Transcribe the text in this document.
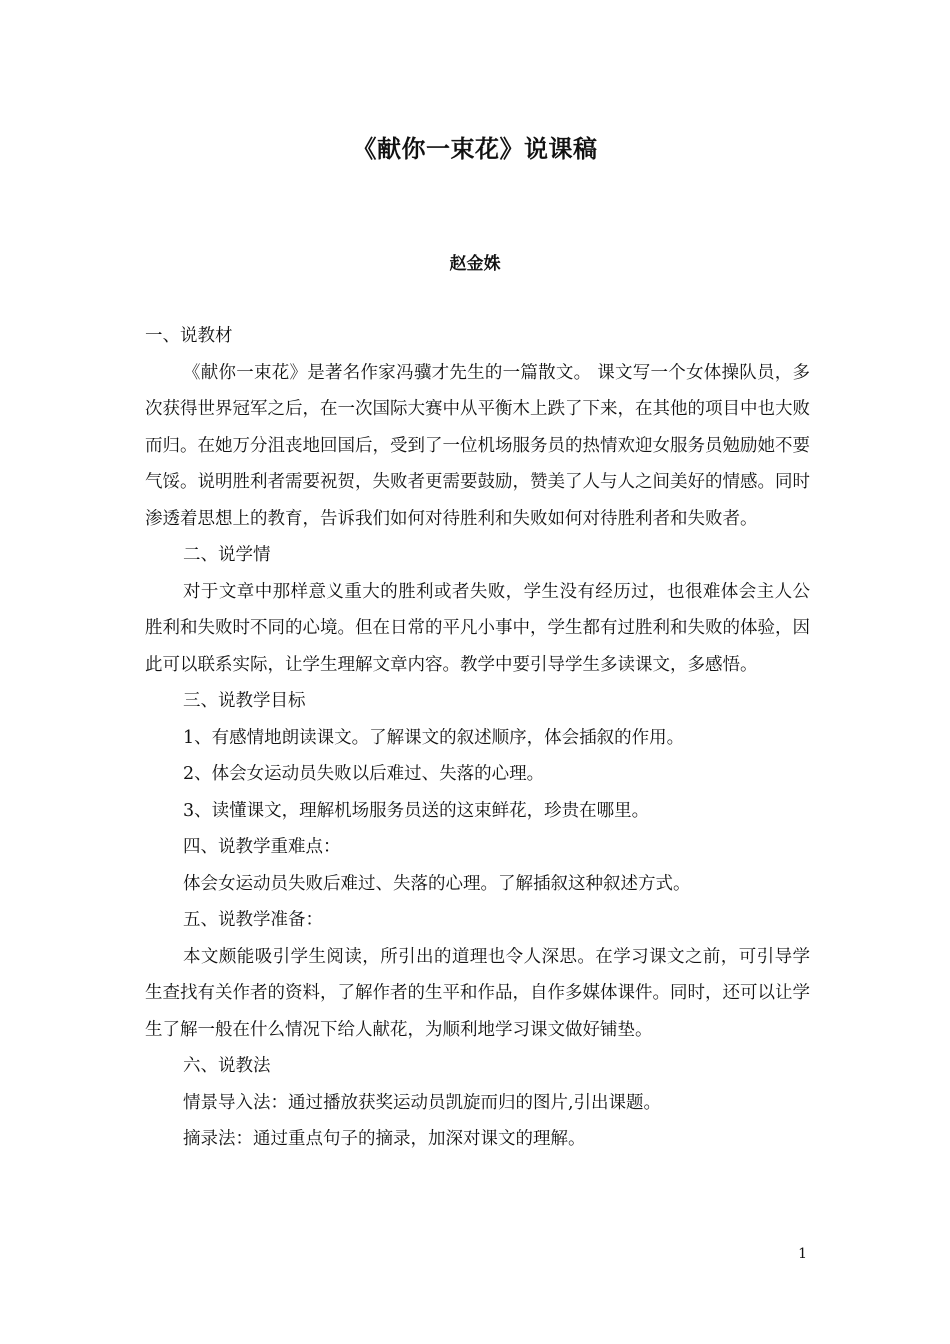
《献你一束花》说课稿
赵金姝

一、说教材

《献你一束花》是著名作家冯骥才先生的一篇散文。 课文写一个女体操队员，多次获得世界冠军之后，在一次国际大赛中从平衡木上跌了下来，在其他的项目中也大败而归。在她万分沮丧地回国后，受到了一位机场服务员的热情欢迎女服务员勉励她不要气馁。说明胜利者需要祝贺，失败者更需要鼓励，赞美了人与人之间美好的情感。同时渗透着思想上的教育，告诉我们如何对待胜利和失败如何对待胜利者和失败者。

二、说学情

对于文章中那样意义重大的胜利或者失败，学生没有经历过，也很难体会主人公胜利和失败时不同的心境。但在日常的平凡小事中，学生都有过胜利和失败的体验，因此可以联系实际，让学生理解文章内容。教学中要引导学生多读课文，多感悟。

三、说教学目标

1、有感情地朗读课文。了解课文的叙述顺序，体会插叙的作用。

2、体会女运动员失败以后难过、失落的心理。

3、读懂课文，理解机场服务员送的这束鲜花，珍贵在哪里。

四、说教学重难点：

体会女运动员失败后难过、失落的心理。了解插叙这种叙述方式。

五、说教学准备：

本文颇能吸引学生阅读，所引出的道理也令人深思。在学习课文之前，可引导学生查找有关作者的资料，了解作者的生平和作品，自作多媒体课件。同时，还可以让学生了解一般在什么情况下给人献花，为顺利地学习课文做好铺垫。

六、说教法

情景导入法：通过播放获奖运动员凯旋而归的图片,引出课题。

摘录法：通过重点句子的摘录，加深对课文的理解。

1
